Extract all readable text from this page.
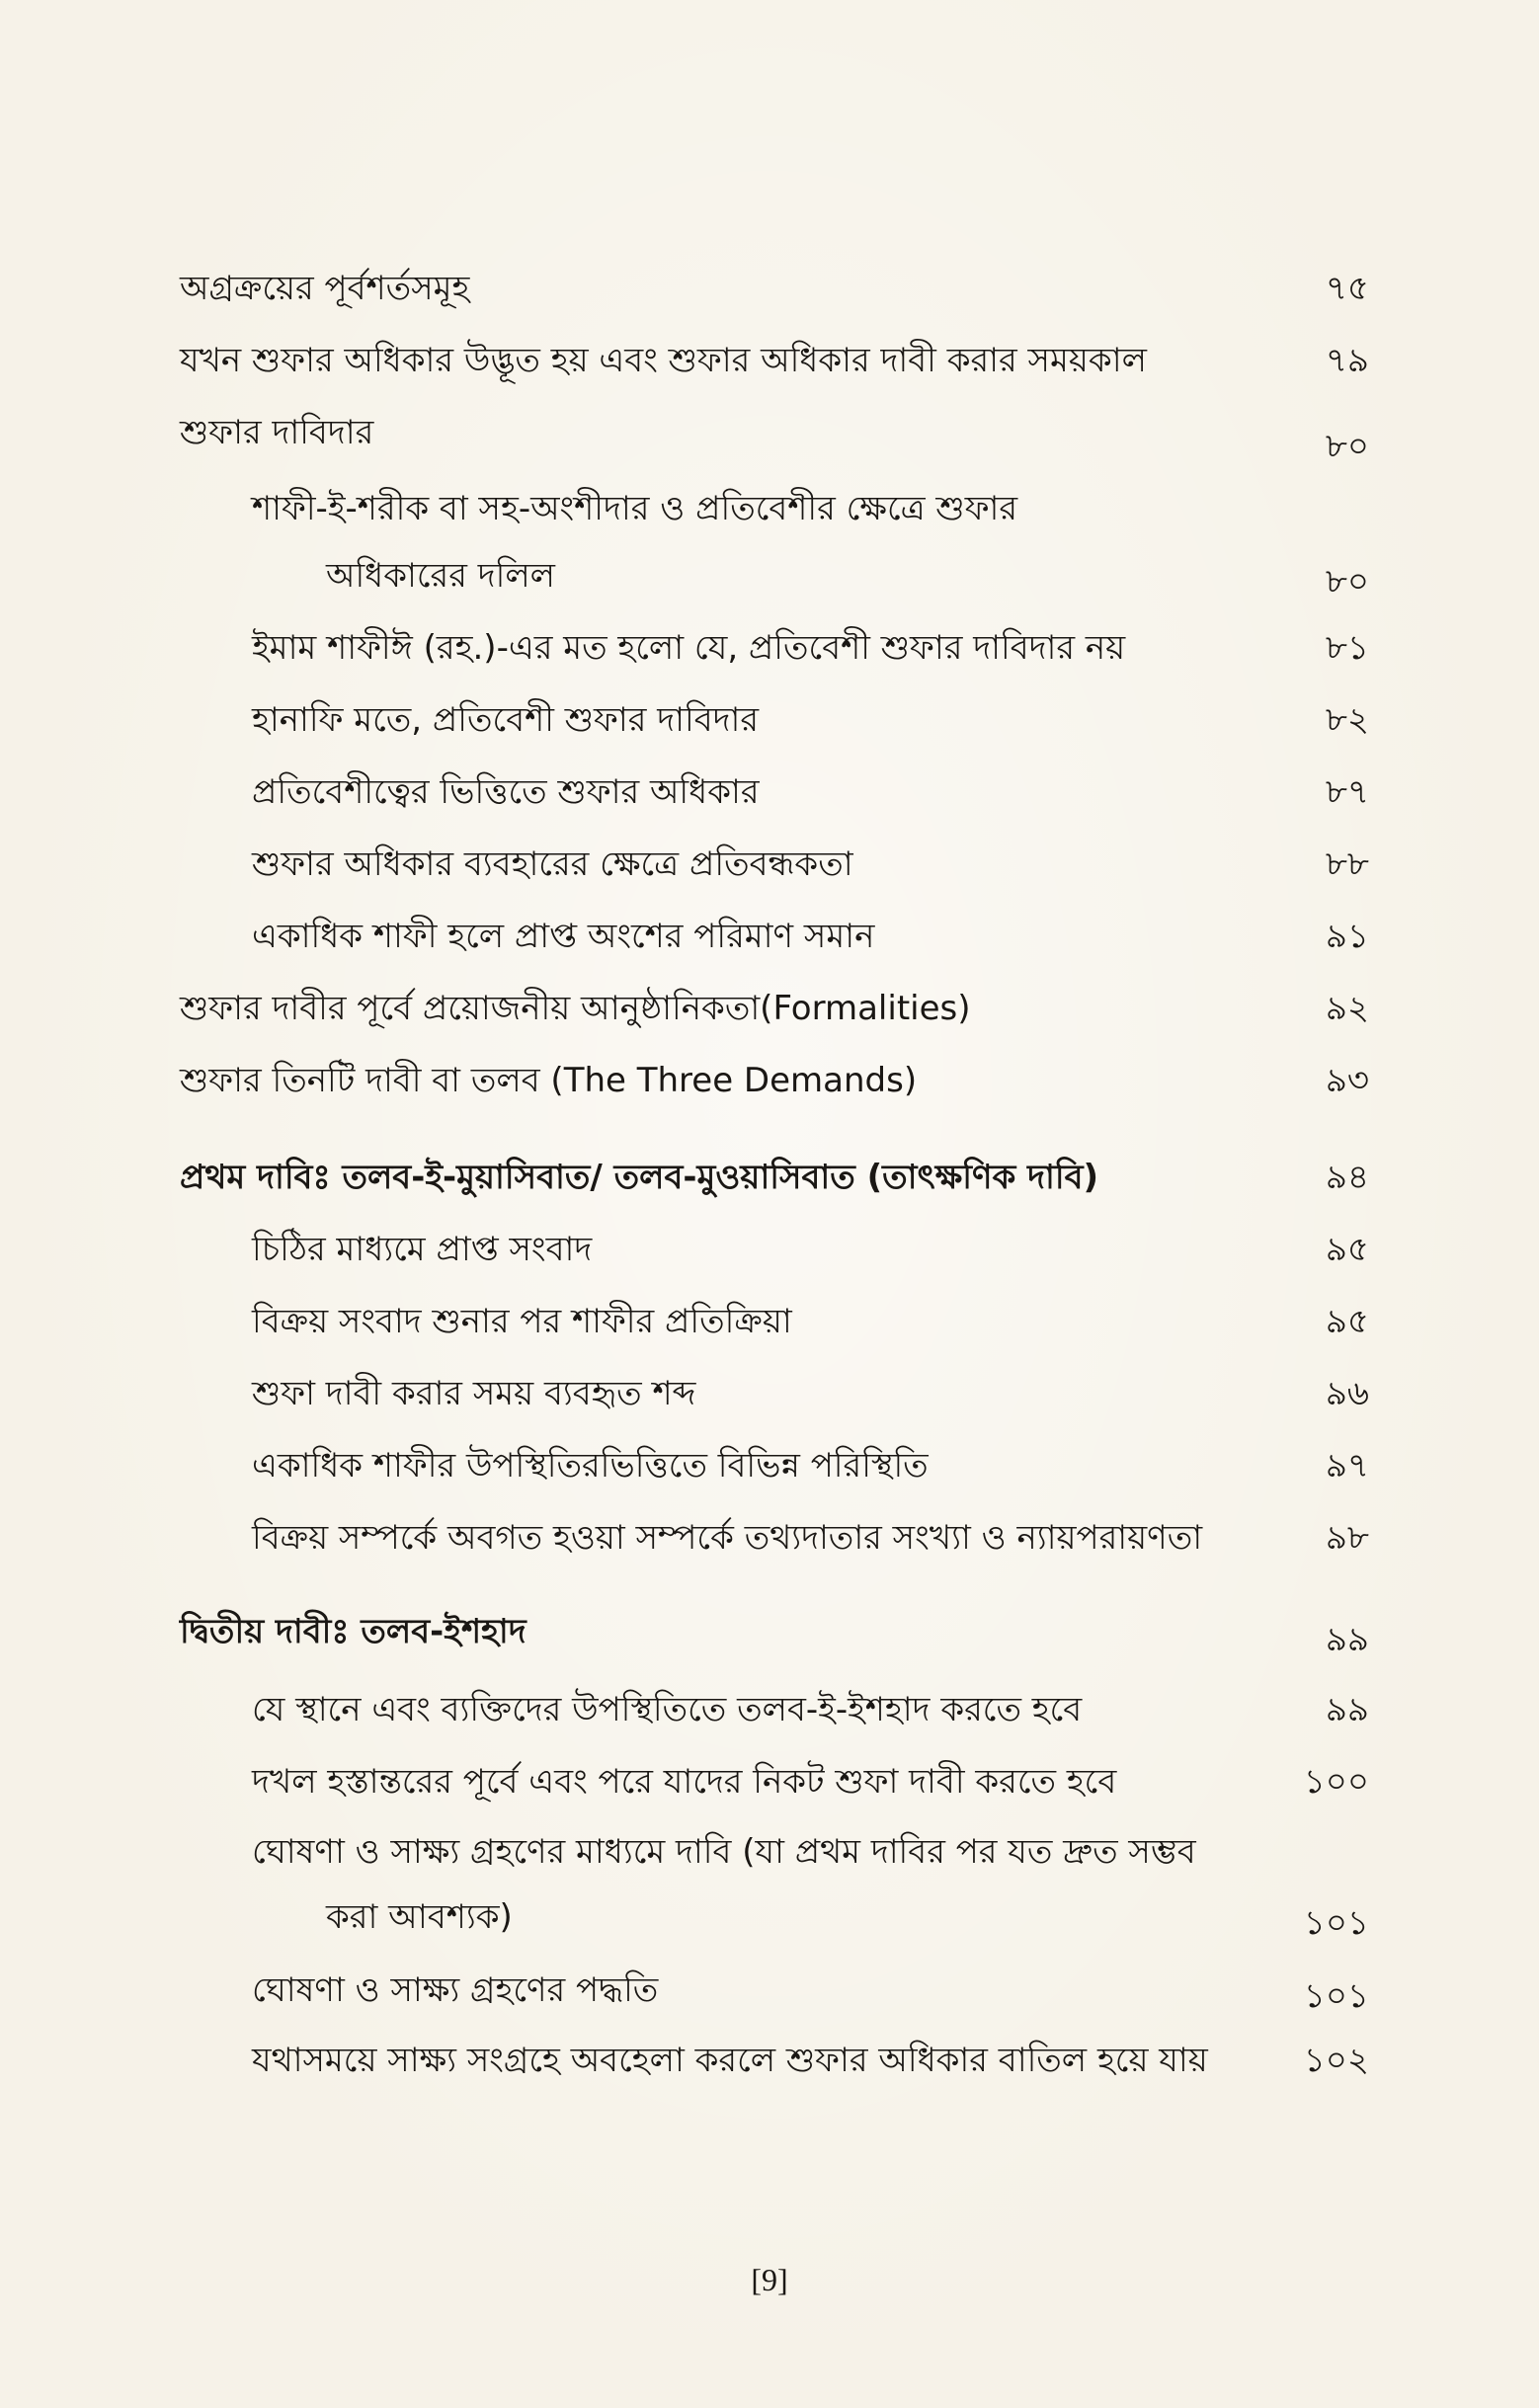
অগ্রক্রয়ের পূর্বশর্তসমূহ	৭৫
যখন শুফার অধিকার উদ্ভূত হয় এবং শুফার অধিকার দাবী করার সময়কাল	৭৯
শুফার দাবিদার	৮০
শাফী-ই-শরীক বা সহ-অংশীদার ও প্রতিবেশীর ক্ষেত্রে শুফার
অধিকারের দলিল	৮০
ইমাম শাফীঈ (রহ.)-এর মত হলো যে, প্রতিবেশী শুফার দাবিদার নয়	৮১
হানাফি মতে, প্রতিবেশী শুফার দাবিদার	৮২
প্রতিবেশীত্বের ভিত্তিতে শুফার অধিকার	৮৭
শুফার অধিকার ব্যবহারের ক্ষেত্রে প্রতিবন্ধকতা	৮৮
একাধিক শাফী হলে প্রাপ্ত অংশের পরিমাণ সমান	৯১
শুফার দাবীর পূর্বে প্রয়োজনীয় আনুষ্ঠানিকতা(Formalities)	৯২
শুফার তিনটি দাবী বা তলব (The Three Demands)	৯৩
প্রথম দাবিঃ তলব-ই-মুয়াসিবাত/ তলব-মুওয়াসিবাত (তাৎক্ষণিক দাবি)	৯৪
চিঠির মাধ্যমে প্রাপ্ত সংবাদ	৯৫
বিক্রয় সংবাদ শুনার পর শাফীর প্রতিক্রিয়া	৯৫
শুফা দাবী করার সময় ব্যবহৃত শব্দ	৯৬
একাধিক শাফীর উপস্থিতিরভিত্তিতে বিভিন্ন পরিস্থিতি	৯৭
বিক্রয় সম্পর্কে অবগত হওয়া সম্পর্কে তথ্যদাতার সংখ্যা ও ন্যায়পরায়ণতা	৯৮
দ্বিতীয় দাবীঃ তলব-ইশহাদ	৯৯
যে স্থানে এবং ব্যক্তিদের উপস্থিতিতে তলব-ই-ইশহাদ করতে হবে	৯৯
দখল হস্তান্তরের পূর্বে এবং পরে যাদের নিকট শুফা দাবী করতে হবে	১০০
ঘোষণা ও সাক্ষ্য গ্রহণের মাধ্যমে দাবি (যা প্রথম দাবির পর যত দ্রুত সম্ভব
করা আবশ্যক)	১০১
ঘোষণা ও সাক্ষ্য গ্রহণের পদ্ধতি	১০১
যথাসময়ে সাক্ষ্য সংগ্রহে অবহেলা করলে শুফার অধিকার বাতিল হয়ে যায়	১০২
[9]
